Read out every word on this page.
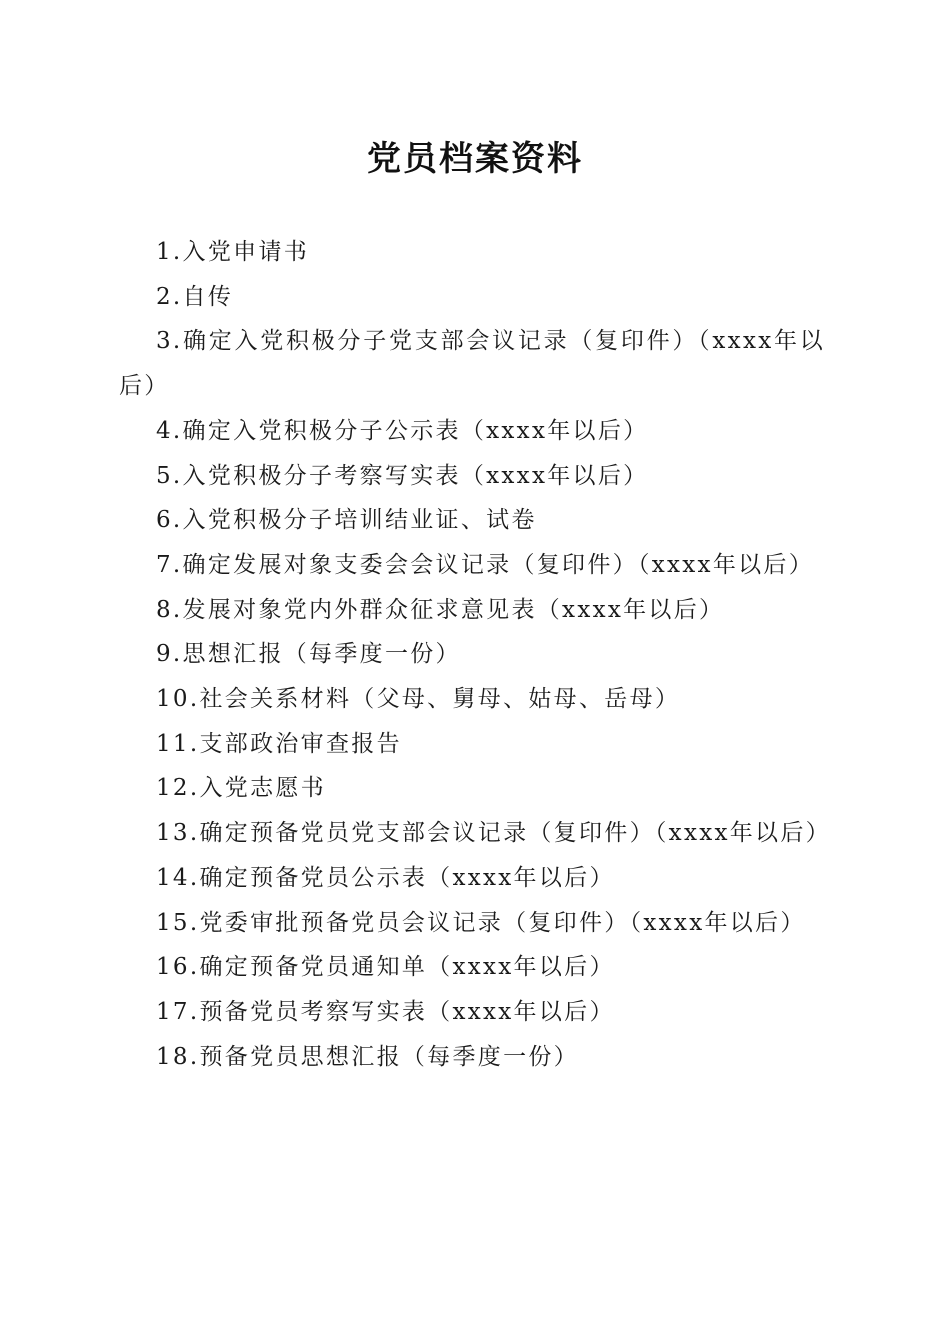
党员档案资料
1.入党申请书
2.自传
3.确定入党积极分子党支部会议记录（复印件）（xxxx年以后）
4.确定入党积极分子公示表（xxxx年以后）
5.入党积极分子考察写实表（xxxx年以后）
6.入党积极分子培训结业证、试卷
7.确定发展对象支委会会议记录（复印件）（xxxx年以后）
8.发展对象党内外群众征求意见表（xxxx年以后）
9.思想汇报（每季度一份）
10.社会关系材料（父母、舅母、姑母、岳母）
11.支部政治审查报告
12.入党志愿书
13.确定预备党员党支部会议记录（复印件）（xxxx年以后）
14.确定预备党员公示表（xxxx年以后）
15.党委审批预备党员会议记录（复印件）（xxxx年以后）
16.确定预备党员通知单（xxxx年以后）
17.预备党员考察写实表（xxxx年以后）
18.预备党员思想汇报（每季度一份）
